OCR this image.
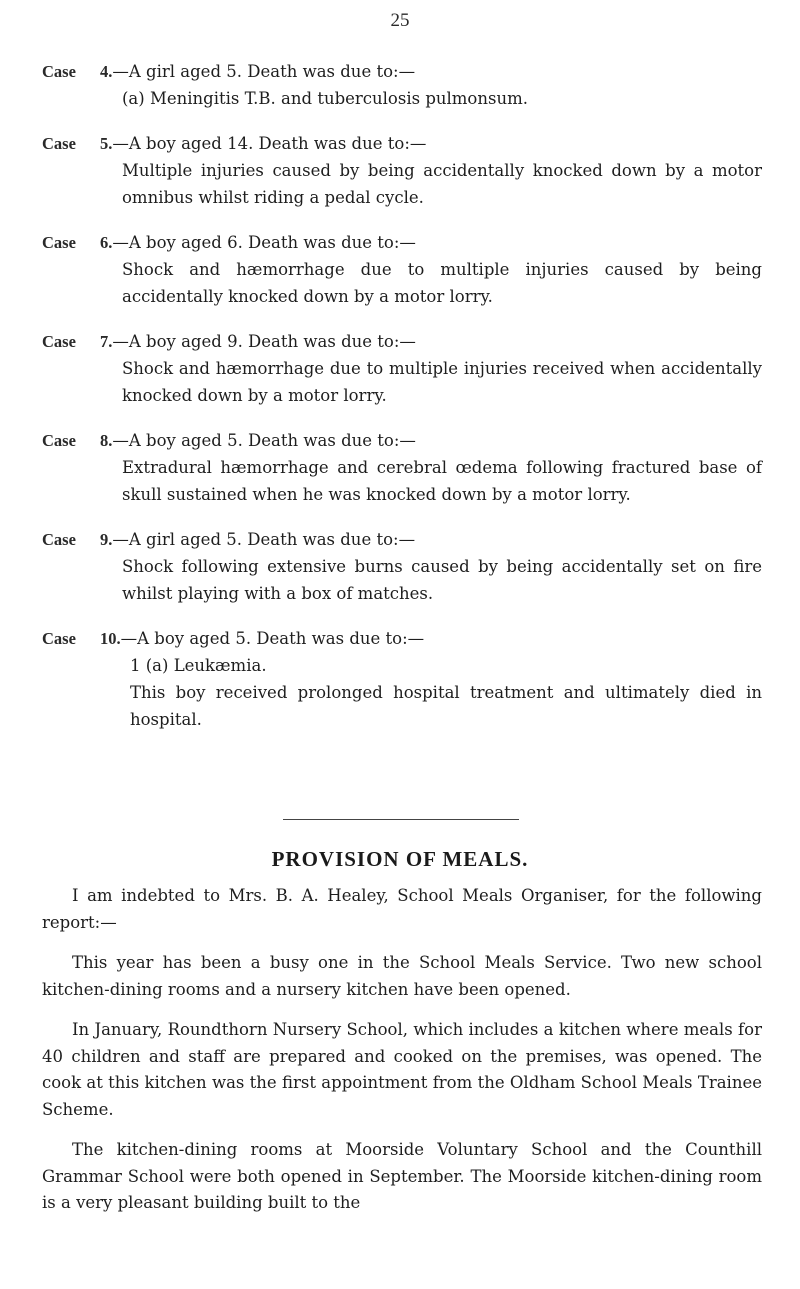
25
Case	4.—A girl aged 5. Death was due to:—
(a) Meningitis T.B. and tuberculosis pulmonsum.
Case	5.—A boy aged 14. Death was due to:—
Multiple injuries caused by being accidentally knocked down by a motor omnibus whilst riding a pedal cycle.
Case	6.—A boy aged 6. Death was due to:—
Shock and hæmorrhage due to multiple injuries caused by being accidentally knocked down by a motor lorry.
Case	7.—A boy aged 9. Death was due to:—
Shock and hæmorrhage due to multiple injuries received when accidentally knocked down by a motor lorry.
Case	8.—A boy aged 5. Death was due to:—
Extradural hæmorrhage and cerebral œdema following fractured base of skull sustained when he was knocked down by a motor lorry.
Case	9.—A girl aged 5. Death was due to:—
Shock following extensive burns caused by being accidentally set on fire whilst playing with a box of matches.
Case	10.—A boy aged 5. Death was due to:—
1 (a) Leukæmia.
This boy received prolonged hospital treatment and ultimately died in hospital.
PROVISION OF MEALS.

I am indebted to Mrs. B. A. Healey, School Meals Organiser, for the following report:—

This year has been a busy one in the School Meals Service. Two new school kitchen-dining rooms and a nursery kitchen have been opened.

In January, Roundthorn Nursery School, which includes a kitchen where meals for 40 children and staff are prepared and cooked on the premises, was opened. The cook at this kitchen was the first appointment from the Oldham School Meals Trainee Scheme.

The kitchen-dining rooms at Moorside Voluntary School and the Counthill Grammar School were both opened in September. The Moorside kitchen-dining room is a very pleasant building built to the
